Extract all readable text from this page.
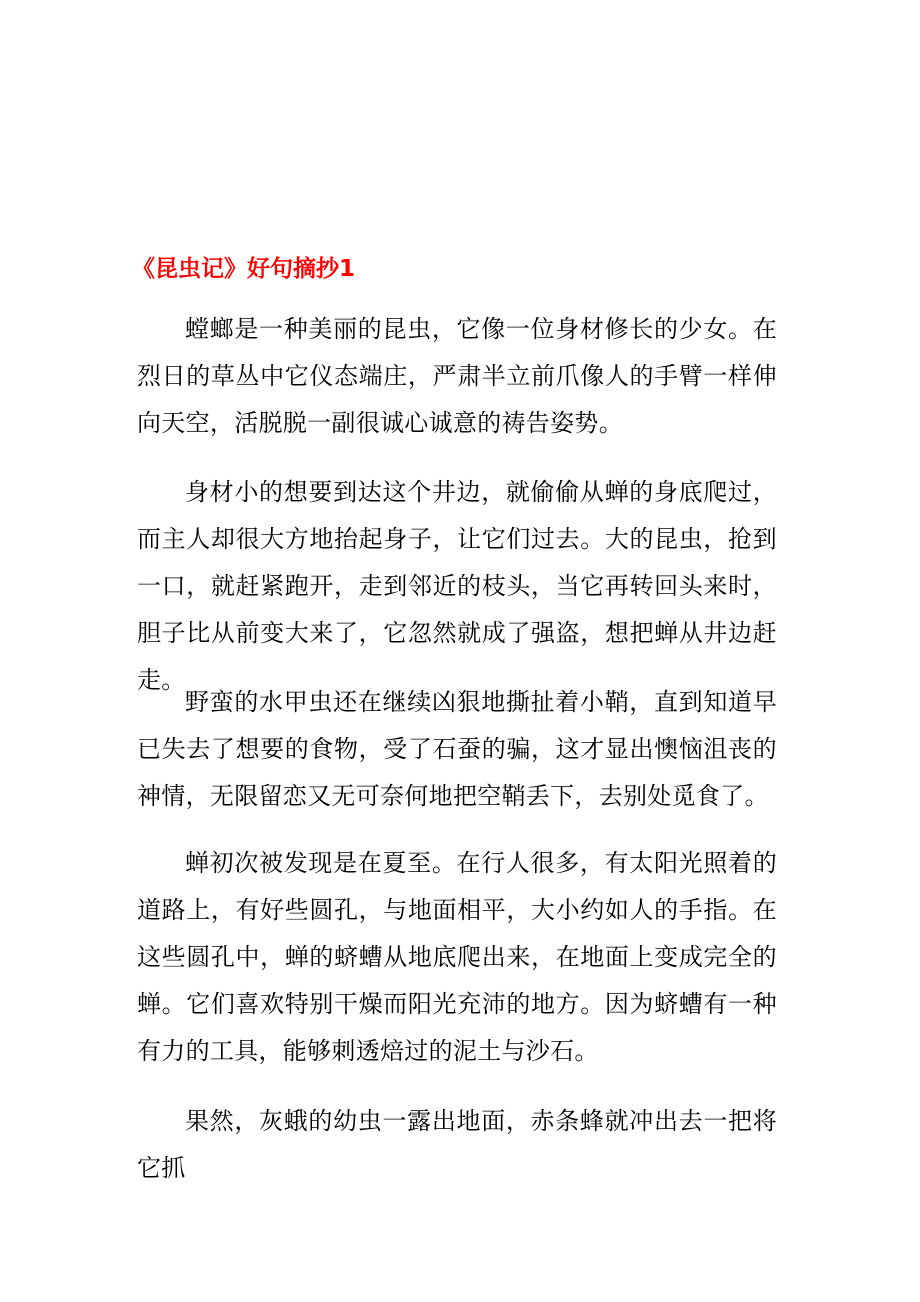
《昆虫记》好句摘抄1

螳螂是一种美丽的昆虫，它像一位身材修长的少女。在烈日的草丛中它仪态端庄，严肃半立前爪像人的手臂一样伸向天空，活脱脱一副很诚心诚意的祷告姿势。

身材小的想要到达这个井边，就偷偷从蝉的身底爬过，而主人却很大方地抬起身子，让它们过去。大的昆虫，抢到一口，就赶紧跑开，走到邻近的枝头，当它再转回头来时，胆子比从前变大来了，它忽然就成了强盗，想把蝉从井边赶走。

野蛮的水甲虫还在继续凶狠地撕扯着小鞘，直到知道早已失去了想要的食物，受了石蚕的骗，这才显出懊恼沮丧的神情，无限留恋又无可奈何地把空鞘丢下，去别处觅食了。

蝉初次被发现是在夏至。在行人很多，有太阳光照着的道路上，有好些圆孔，与地面相平，大小约如人的手指。在这些圆孔中，蝉的蛴螬从地底爬出来，在地面上变成完全的蝉。它们喜欢特别干燥而阳光充沛的地方。因为蛴螬有一种有力的工具，能够刺透焙过的泥土与沙石。

果然，灰蛾的幼虫一露出地面，赤条蜂就冲出去一把将它抓
